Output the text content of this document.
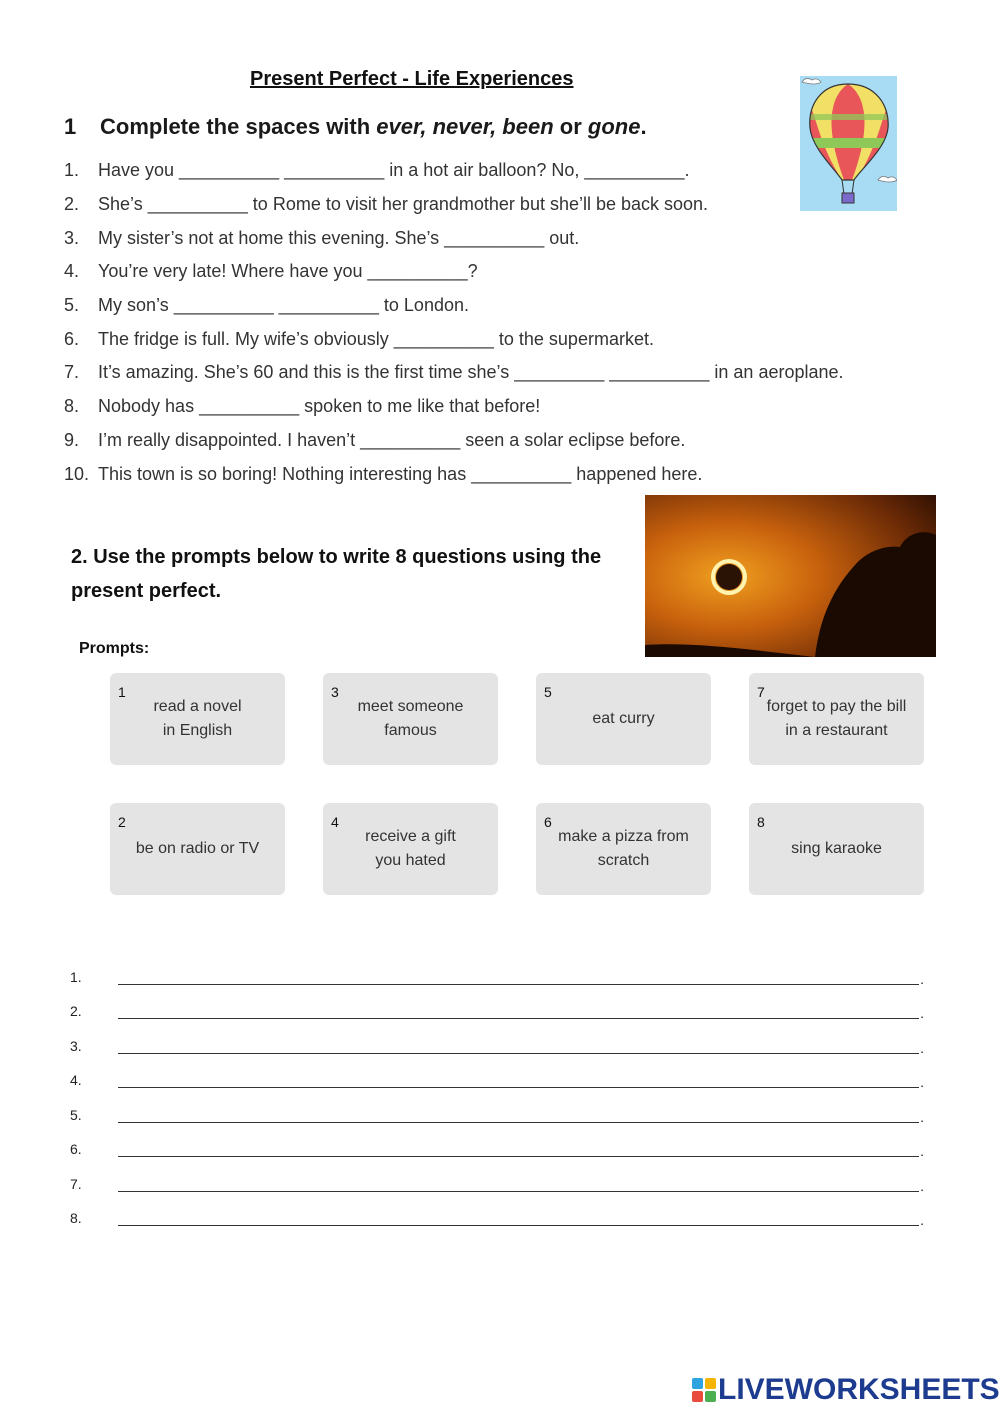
Present Perfect - Life Experiences
1 Complete the spaces with ever, never, been or gone.
1. Have you __________ __________ in a hot air balloon? No, __________.
2. She’s __________ to Rome to visit her grandmother but she’ll be back soon.
3. My sister’s not at home this evening. She’s __________ out.
4. You’re very late! Where have you __________?
5. My son’s __________ __________ to London.
6. The fridge is full. My wife’s obviously __________ to the supermarket.
7. It’s amazing. She’s 60 and this is the first time she’s _________ __________ in an aeroplane.
8. Nobody has __________ spoken to me like that before!
9. I’m really disappointed. I haven’t __________ seen a solar eclipse before.
10. This town is so boring! Nothing interesting has __________ happened here.
2. Use the prompts below to write 8 questions using the present perfect.
Prompts:
1
read a novel
in English
3
meet someone
famous
5
eat curry
7
forget to pay the bill
in a restaurant
2
be on radio or TV
4
receive a gift
you hated
6
make a pizza from
scratch
8
sing karaoke
1.	.
2.	.
3.	.
4.	.
5.	.
6.	.
7.	.
8.	.
LIVEWORKSHEETS
